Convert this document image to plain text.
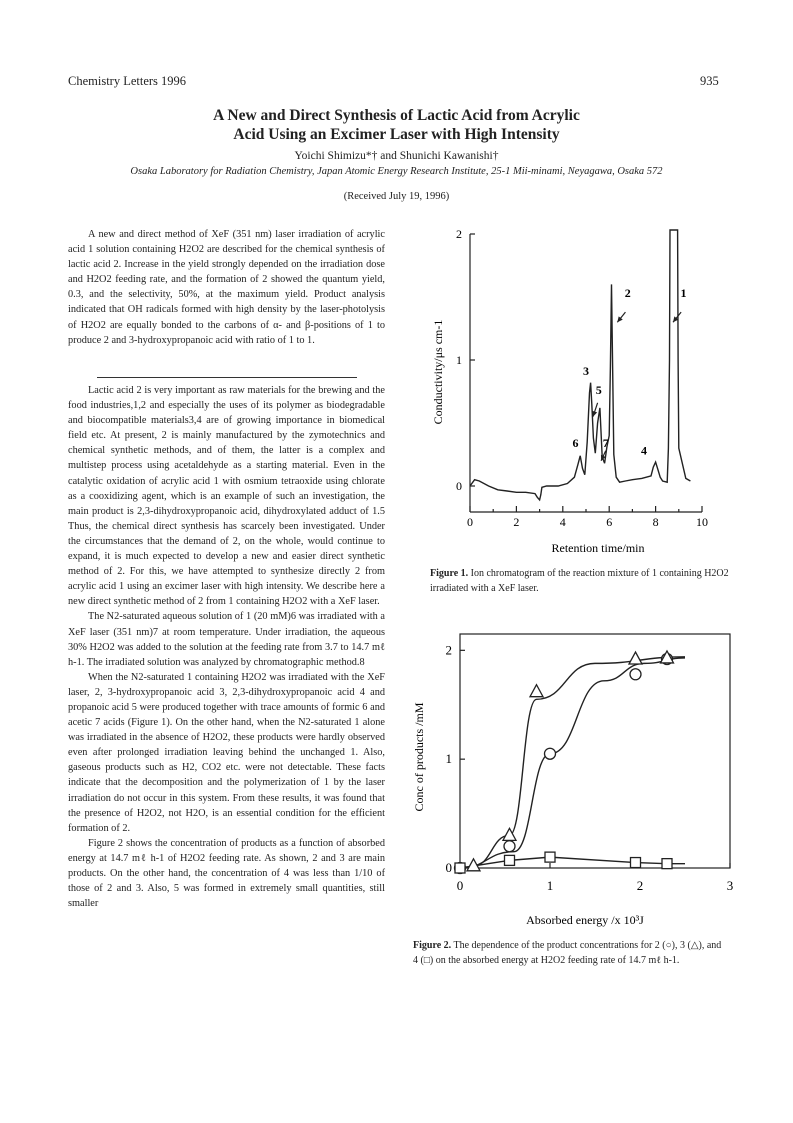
Chemistry Letters 1996	935
A New and Direct Synthesis of Lactic Acid from Acrylic
Acid Using an Excimer Laser with High Intensity
Yoichi Shimizu*† and Shunichi Kawanishi†
Osaka Laboratory for Radiation Chemistry, Japan Atomic Energy Research Institute, 25-1 Mii-minami, Neyagawa, Osaka 572
(Received July 19, 1996)

A new and direct method of XeF (351 nm) laser irradiation of acrylic acid 1 solution containing H2O2 are described for the chemical synthesis of lactic acid 2. Increase in the yield strongly depended on the irradiation dose and H2O2 feeding rate, and the formation of 2 showed the quantum yield, 0.3, and the selectivity, 50%, at the maximum yield. Product analysis indicated that OH radicals formed with high density by the laser-photolysis of H2O2 are equally bonded to the carbons of α- and β-positions of 1 to produce 2 and 3-hydroxypropanoic acid with ratio of 1 to 1.

Lactic acid 2 is very important as raw materials for the brewing and the food industries,1,2 and especially the uses of its polymer as biodegradable and biocompatible materials3,4 are of growing importance in biomedical field etc. At present, 2 is mainly manufactured by the zymotechnics and chemical synthetic methods, and of them, the latter is a complex and multistep process using acetaldehyde as a starting material. Even in the catalytic oxidation of acrylic acid 1 with osmium tetraoxide using chlorate as a cooxidizing agent, which is an example of such an investigation, the main product is 2,3-dihydroxypropanoic acid, dihydroxylated adduct of 1.5 Thus, the chemical direct synthesis has scarcely been investigated. Under the circumstances that the demand of 2, on the whole, would continue to expand, it is much expected to develop a new and easier direct synthetic method of 2. For this, we have attempted to synthesize directly 2 from acrylic acid 1 using an excimer laser with high intensity. We describe here a new direct synthetic method of 2 from 1 containing H2O2 with a XeF laser.

The N2-saturated aqueous solution of 1 (20 mM)6 was irradiated with a XeF laser (351 nm)7 at room temperature. Under irradiation, the aqueous 30% H2O2 was added to the solution at the feeding rate from 3.7 to 14.7 mℓ h-1. The irradiated solution was analyzed by chromatographic method.8

When the N2-saturated 1 containing H2O2 was irradiated with the XeF laser, 2, 3-hydroxypropanoic acid 3, 2,3-dihydroxypropanoic acid 4 and propanoic acid 5 were produced together with trace amounts of formic 6 and acetic 7 acids (Figure 1). On the other hand, when the N2-saturated 1 alone was irradiated in the absence of H2O2, these products were hardly observed even after prolonged irradiation leaving behind the unchanged 1. Also, gaseous products such as H2, CO2 etc. were not detectable. These facts indicate that the decomposition and the polymerization of 1 by the laser irradiation do not occur in this system. From these results, it was found that the presence of H2O2, not H2O, is an essential condition for the efficient formation of 2.

Figure 2 shows the concentration of products as a function of absorbed energy at 14.7 mℓ h-1 of H2O2 feeding rate. As shown, 2 and 3 are main products. On the other hand, the concentration of 4 was less than 1/10 of those of 2 and 3. Also, 5 was formed in extremely small quantities, still smaller

0
1
2
0	2	4	6	8	10
1
2
3
4
5
6 7
Retention time/min
Conductivity/μs cm-1
Figure 1. Ion chromatogram of the reaction mixture of 1 containing H2O2 irradiated with a XeF laser.
0
1
2
0	1	2	3
Absorbed energy /x 10³J
Conc of products /mM
Figure 2. The dependence of the product concentrations for 2 (○), 3 (△), and 4 (□) on the absorbed energy at H2O2 feeding rate of 14.7 mℓ h-1.
